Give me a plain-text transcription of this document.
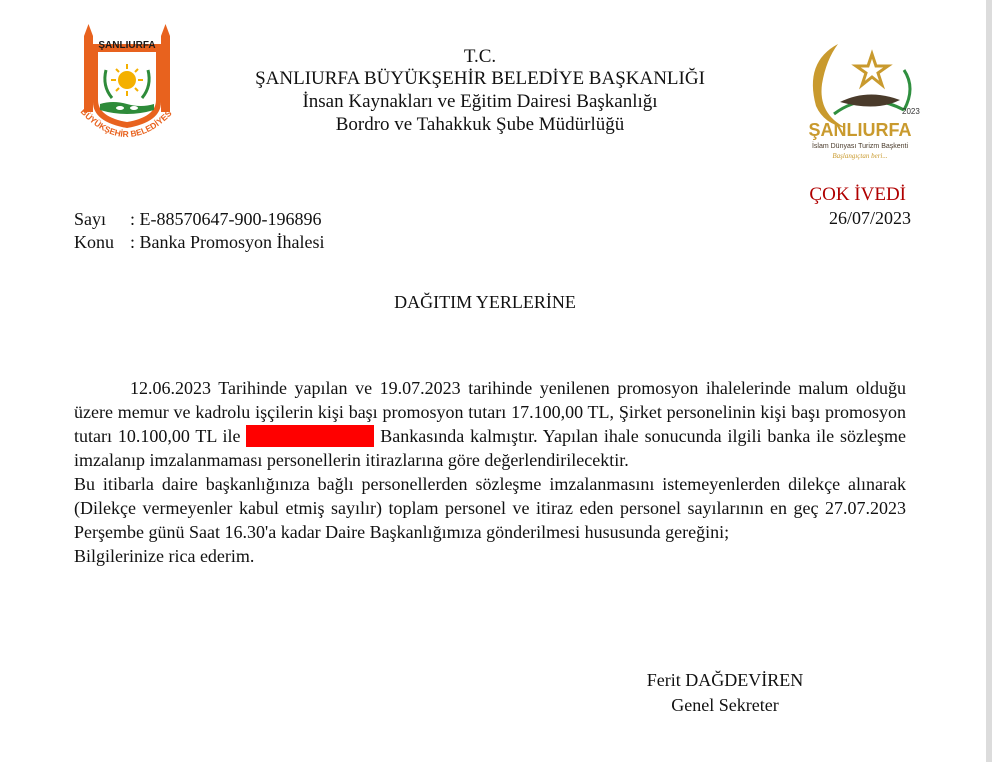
ŞANLIURFA
BÜYÜKŞEHİR BELEDİYES
T.C.
ŞANLIURFA BÜYÜKŞEHİR BELEDİYE BAŞKANLIĞI
İnsan Kaynakları ve Eğitim Dairesi Başkanlığı
Bordro ve Tahakkuk Şube Müdürlüğü
2023
ŞANLIURFA
İslam Dünyası Turizm Başkenti
Başlangıçtan beri...
ÇOK İVEDİ
26/07/2023
Sayı : E-88570647-900-196896
Konu : Banka Promosyon İhalesi
DAĞITIM YERLERİNE

12.06.2023 Tarihinde yapılan ve 19.07.2023 tarihinde yenilenen promosyon ihalelerinde malum olduğu üzere memur ve kadrolu işçilerin kişi başı promosyon tutarı 17.100,00 TL, Şirket personelinin kişi başı promosyon tutarı 10.100,00 TL ile	Bankasında kalmıştır. Yapılan ihale sonucunda ilgili banka ile sözleşme imzalanıp imzalanmaması personellerin itirazlarına göre değerlendirilecektir.

Bu itibarla daire başkanlığınıza bağlı personellerden sözleşme imzalanmasını istemeyenlerden dilekçe alınarak (Dilekçe vermeyenler kabul etmiş sayılır) toplam personel ve itiraz eden personel sayılarının en geç 27.07.2023 Perşembe günü Saat 16.30'a kadar Daire Başkanlığımıza gönderilmesi hususunda gereğini;

Bilgilerinize rica ederim.

Ferit DAĞDEVİREN
Genel Sekreter
